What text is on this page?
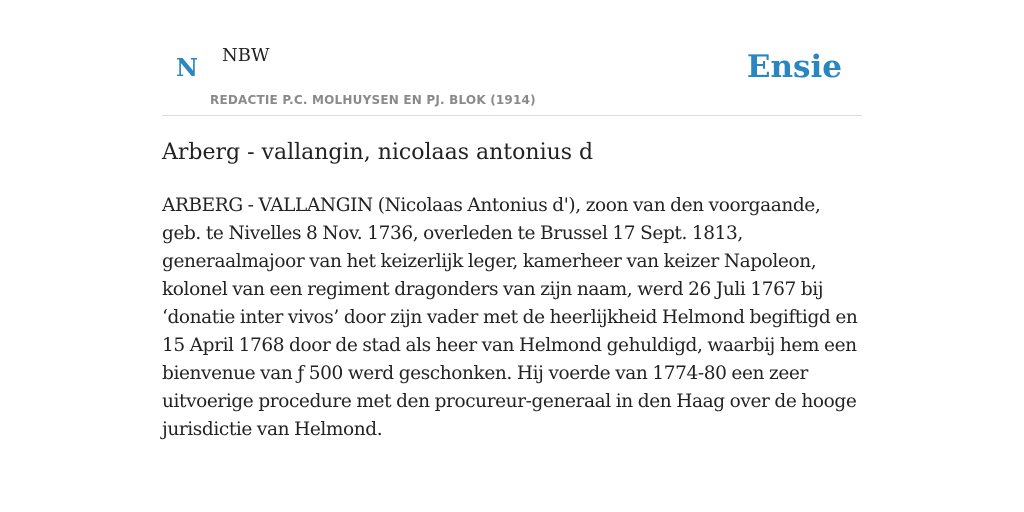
N NBW
REDACTIE P.C. MOLHUYSEN EN PJ. BLOK (1914)
Ensie
Arberg - vallangin, nicolaas antonius d

ARBERG - VALLANGIN (Nicolaas Antonius d'), zoon van den voorgaande, geb. te Nivelles 8 Nov. 1736, overleden te Brussel 17 Sept. 1813, generaalmajoor van het keizerlijk leger, kamerheer van keizer Napoleon, kolonel van een regiment dragonders van zijn naam, werd 26 Juli 1767 bij ‘donatie inter vivos’ door zijn vader met de heerlijkheid Helmond begiftigd en 15 April 1768 door de stad als heer van Helmond gehuldigd, waarbij hem een bienvenue van ƒ 500 werd geschonken. Hij voerde van 1774-80 een zeer uitvoerige procedure met den procureur-generaal in den Haag over de hooge jurisdictie van Helmond.
